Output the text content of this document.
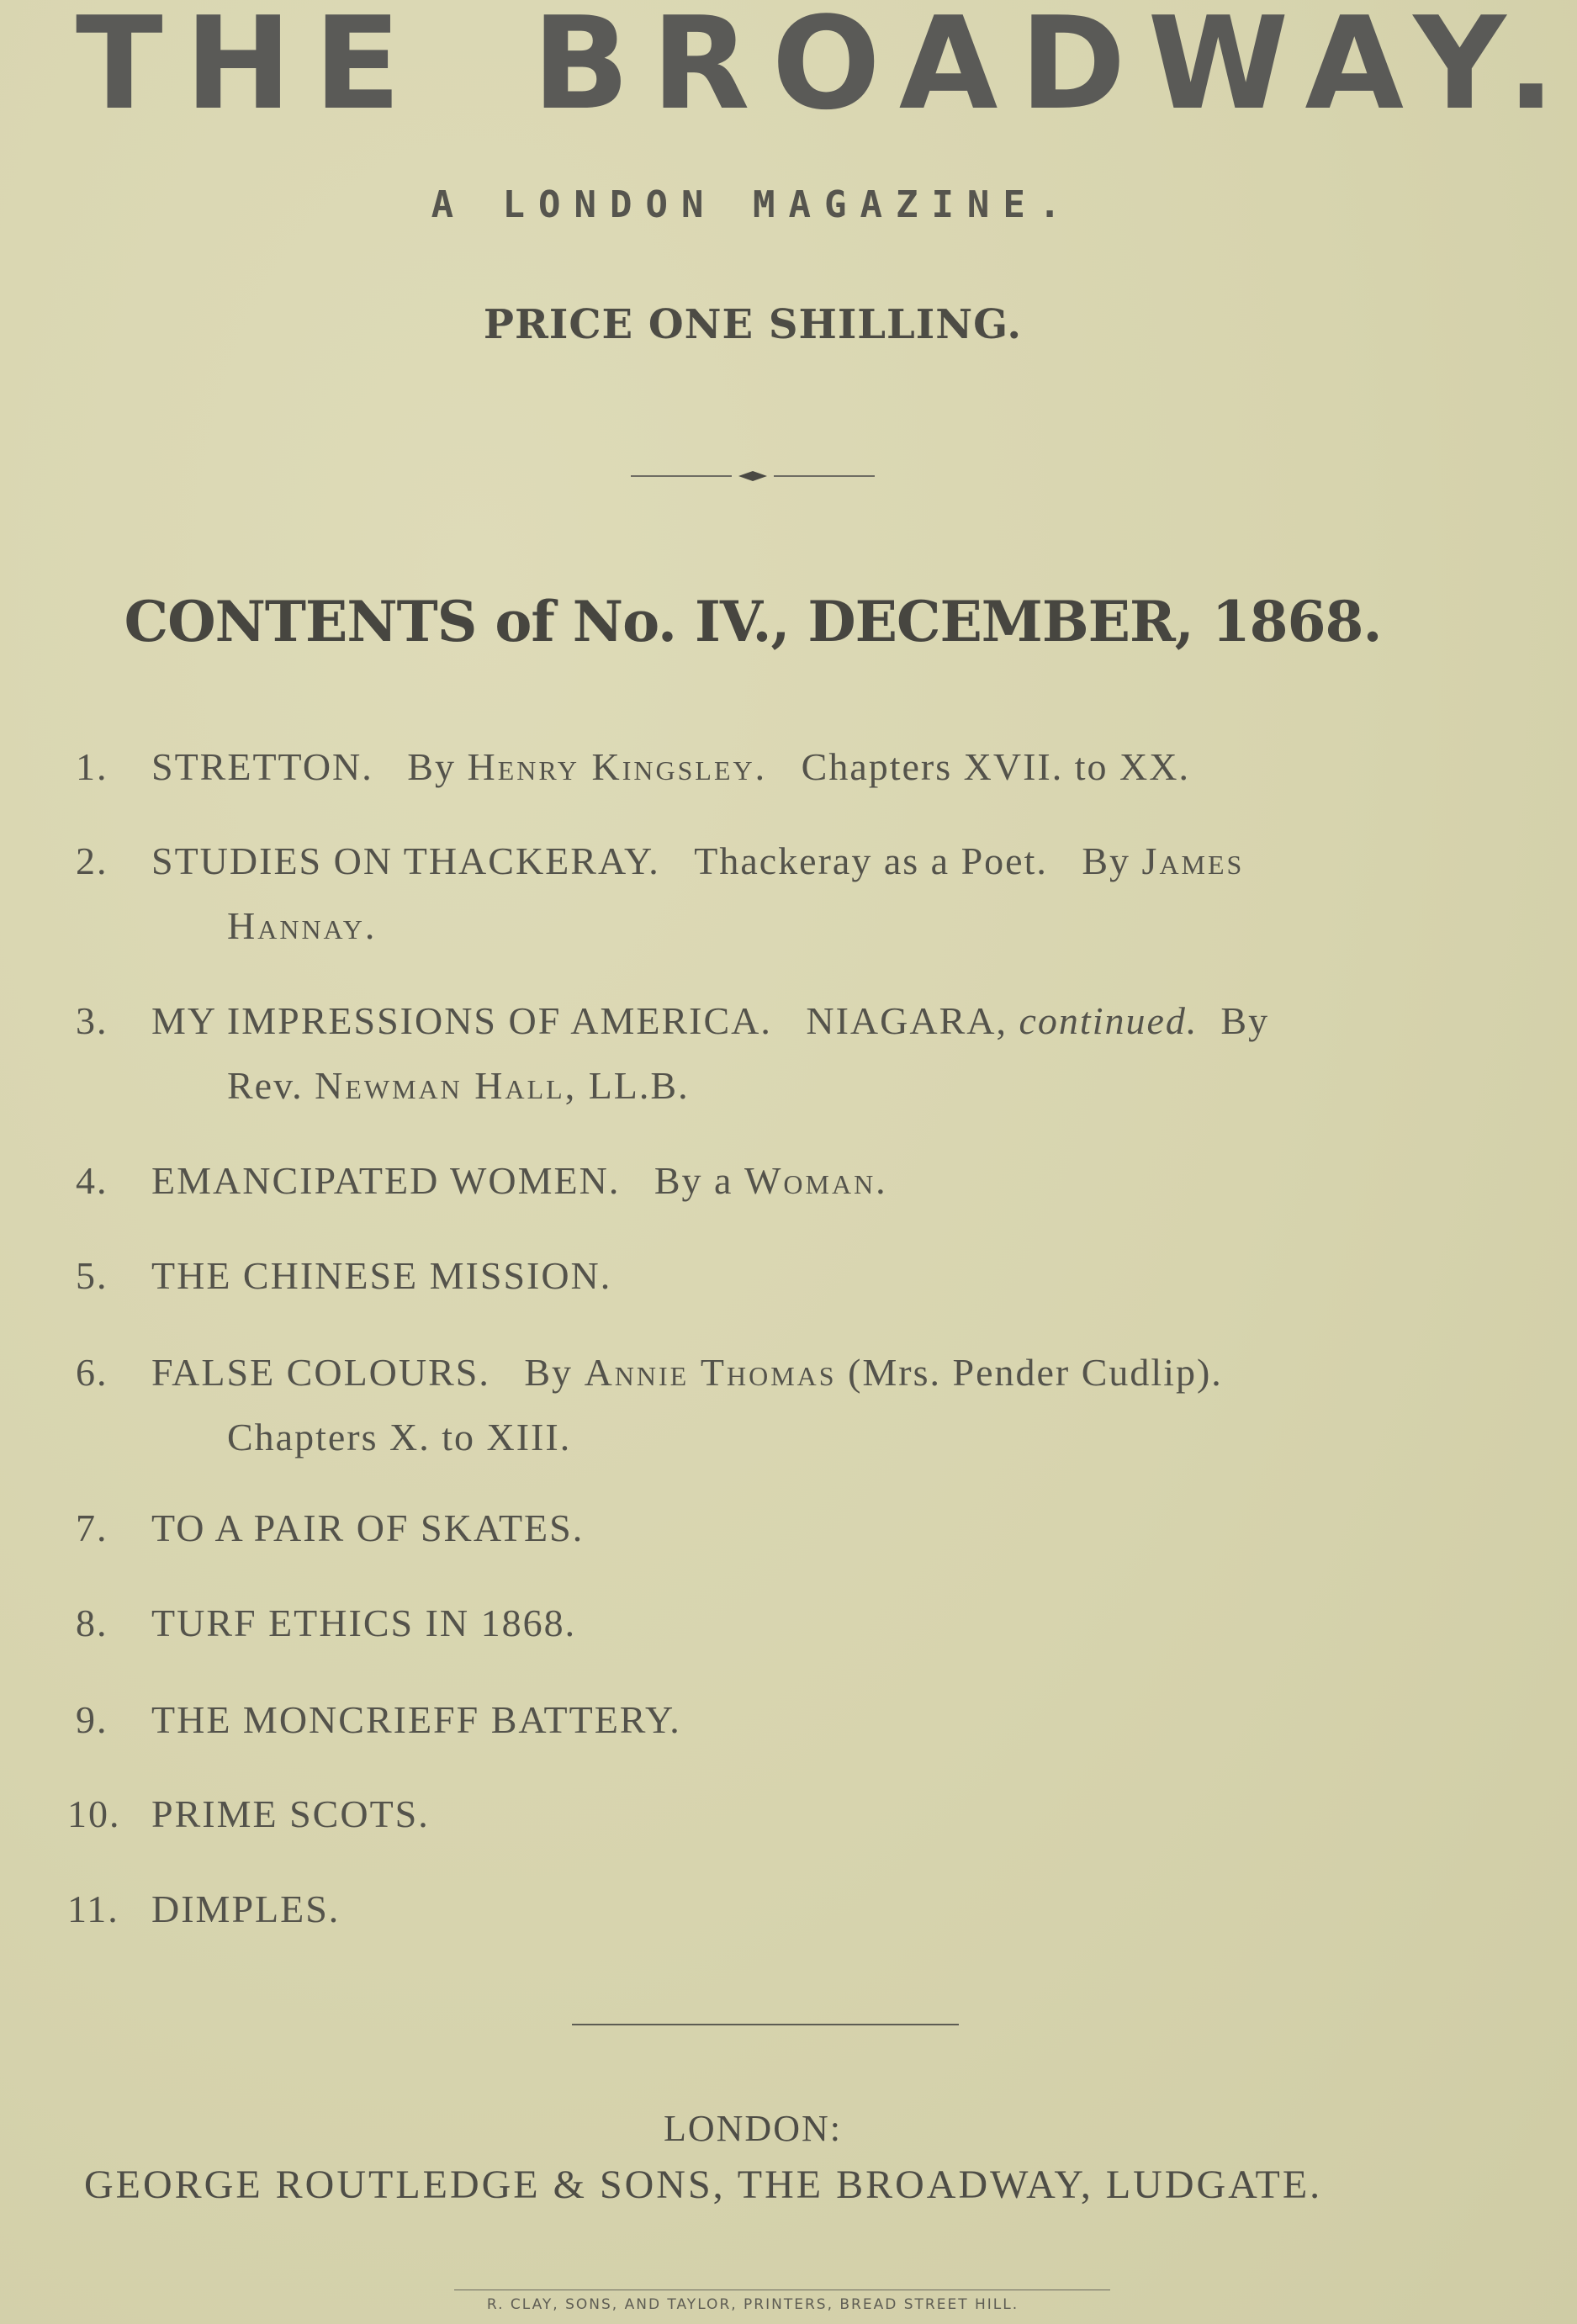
THE BROADWAY.
A LONDON MAGAZINE.
PRICE ONE SHILLING.
CONTENTS of No. IV., DECEMBER, 1868.
1. STRETTON. By Henry Kingsley. Chapters XVII. to XX.
2. STUDIES ON THACKERAY. Thackeray as a Poet. By James
Hannay.
3. MY IMPRESSIONS OF AMERICA. NIAGARA, continued. By
Rev. Newman Hall, LL.B.
4. EMANCIPATED WOMEN. By a Woman.
5. THE CHINESE MISSION.
6. FALSE COLOURS. By Annie Thomas (Mrs. Pender Cudlip).
Chapters X. to XIII.
7. TO A PAIR OF SKATES.
8. TURF ETHICS IN 1868.
9. THE MONCRIEFF BATTERY.
10. PRIME SCOTS.
11. DIMPLES.
LONDON:
GEORGE ROUTLEDGE & SONS, THE BROADWAY, LUDGATE.
R. CLAY, SONS, AND TAYLOR, PRINTERS, BREAD STREET HILL.
